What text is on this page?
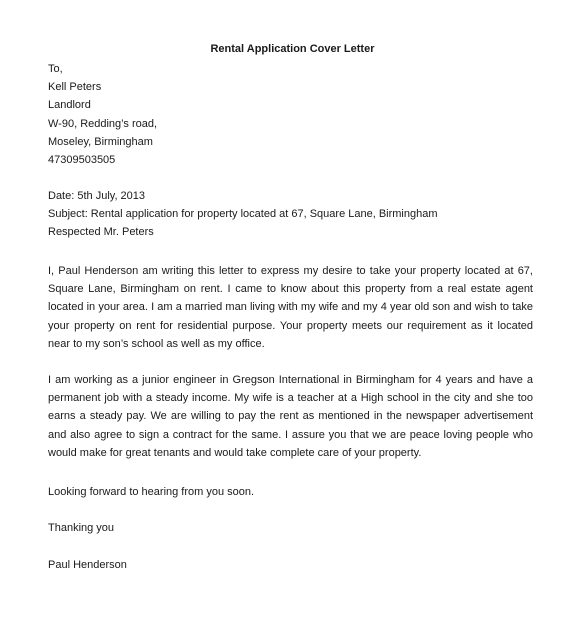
Rental Application Cover Letter
To,
Kell Peters
Landlord
W-90, Redding’s road,
Moseley, Birmingham
47309503505
Date: 5th July, 2013
Subject: Rental application for property located at 67, Square Lane, Birmingham
Respected Mr. Peters
I, Paul Henderson am writing this letter to express my desire to take your property located at 67, Square Lane, Birmingham on rent. I came to know about this property from a real estate agent located in your area. I am a married man living with my wife and my 4 year old son and wish to take your property on rent for residential purpose. Your property meets our requirement as it located near to my son’s school as well as my office.
I am working as a junior engineer in Gregson International in Birmingham for 4 years and have a permanent job with a steady income. My wife is a teacher at a High school in the city and she too earns a steady pay. We are willing to pay the rent as mentioned in the newspaper advertisement and also agree to sign a contract for the same. I assure you that we are peace loving people who would make for great tenants and would take complete care of your property.
Looking forward to hearing from you soon.
Thanking you
Paul Henderson
